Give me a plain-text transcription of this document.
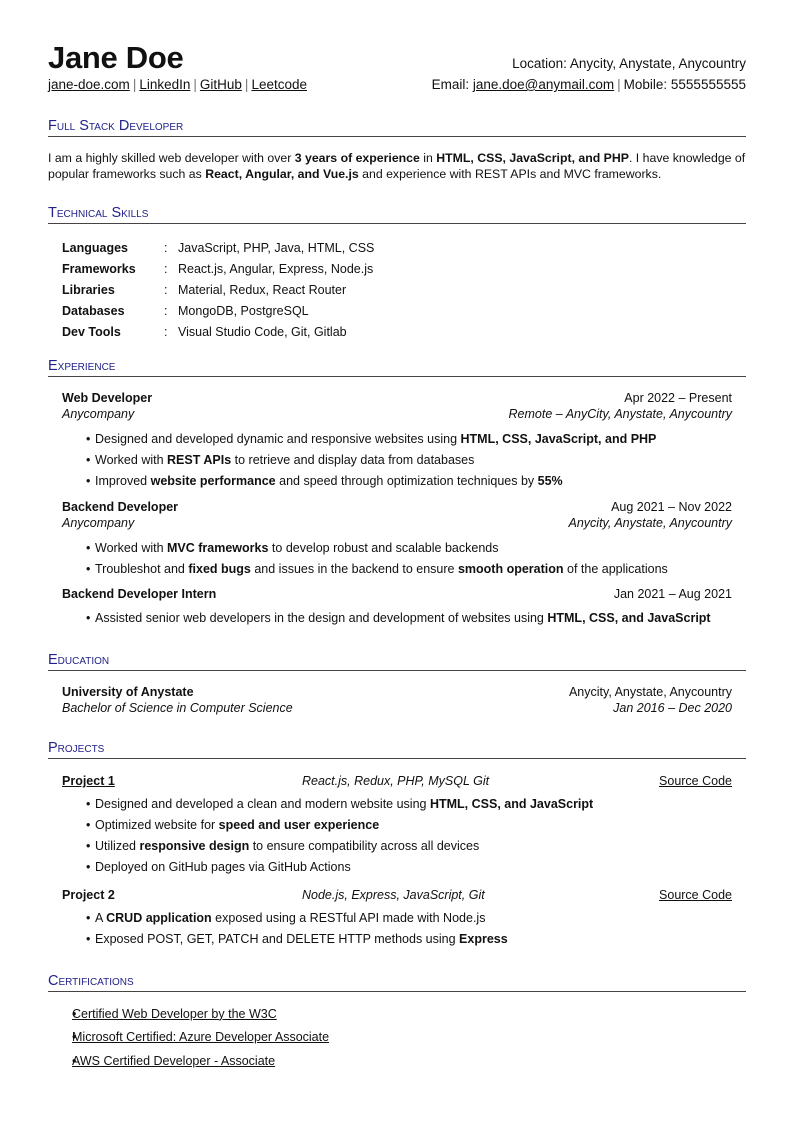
Jane Doe
jane-doe.com | LinkedIn | GitHub | Leetcode
Location: Anycity, Anystate, Anycountry
Email: jane.doe@anymail.com | Mobile: 5555555555
Full Stack Developer
I am a highly skilled web developer with over 3 years of experience in HTML, CSS, JavaScript, and PHP. I have knowledge of popular frameworks such as React, Angular, and Vue.js and experience with REST APIs and MVC frameworks.
Technical Skills
Languages	: JavaScript, PHP, Java, HTML, CSS
Frameworks	: React.js, Angular, Express, Node.js
Libraries	: Material, Redux, React Router
Databases	: MongoDB, PostgreSQL
Dev Tools	: Visual Studio Code, Git, Gitlab
Experience
Web Developer	Apr 2022 – Present
Anycompany	Remote – AnyCity, Anystate, Anycountry
• Designed and developed dynamic and responsive websites using HTML, CSS, JavaScript, and PHP
• Worked with REST APIs to retrieve and display data from databases
• Improved website performance and speed through optimization techniques by 55%
Backend Developer	Aug 2021 – Nov 2022
Anycompany	Anycity, Anystate, Anycountry
• Worked with MVC frameworks to develop robust and scalable backends
• Troubleshot and fixed bugs and issues in the backend to ensure smooth operation of the applications
Backend Developer Intern	Jan 2021 – Aug 2021
• Assisted senior web developers in the design and development of websites using HTML, CSS, and JavaScript
Education
University of Anystate	Anycity, Anystate, Anycountry
Bachelor of Science in Computer Science	Jan 2016 – Dec 2020
Projects
Project 1	React.js, Redux, PHP, MySQL Git	Source Code
• Designed and developed a clean and modern website using HTML, CSS, and JavaScript
• Optimized website for speed and user experience
• Utilized responsive design to ensure compatibility across all devices
• Deployed on GitHub pages via GitHub Actions
Project 2	Node.js, Express, JavaScript, Git	Source Code
• A CRUD application exposed using a RESTful API made with Node.js
• Exposed POST, GET, PATCH and DELETE HTTP methods using Express
Certifications
• Certified Web Developer by the W3C
• Microsoft Certified: Azure Developer Associate
• AWS Certified Developer - Associate
